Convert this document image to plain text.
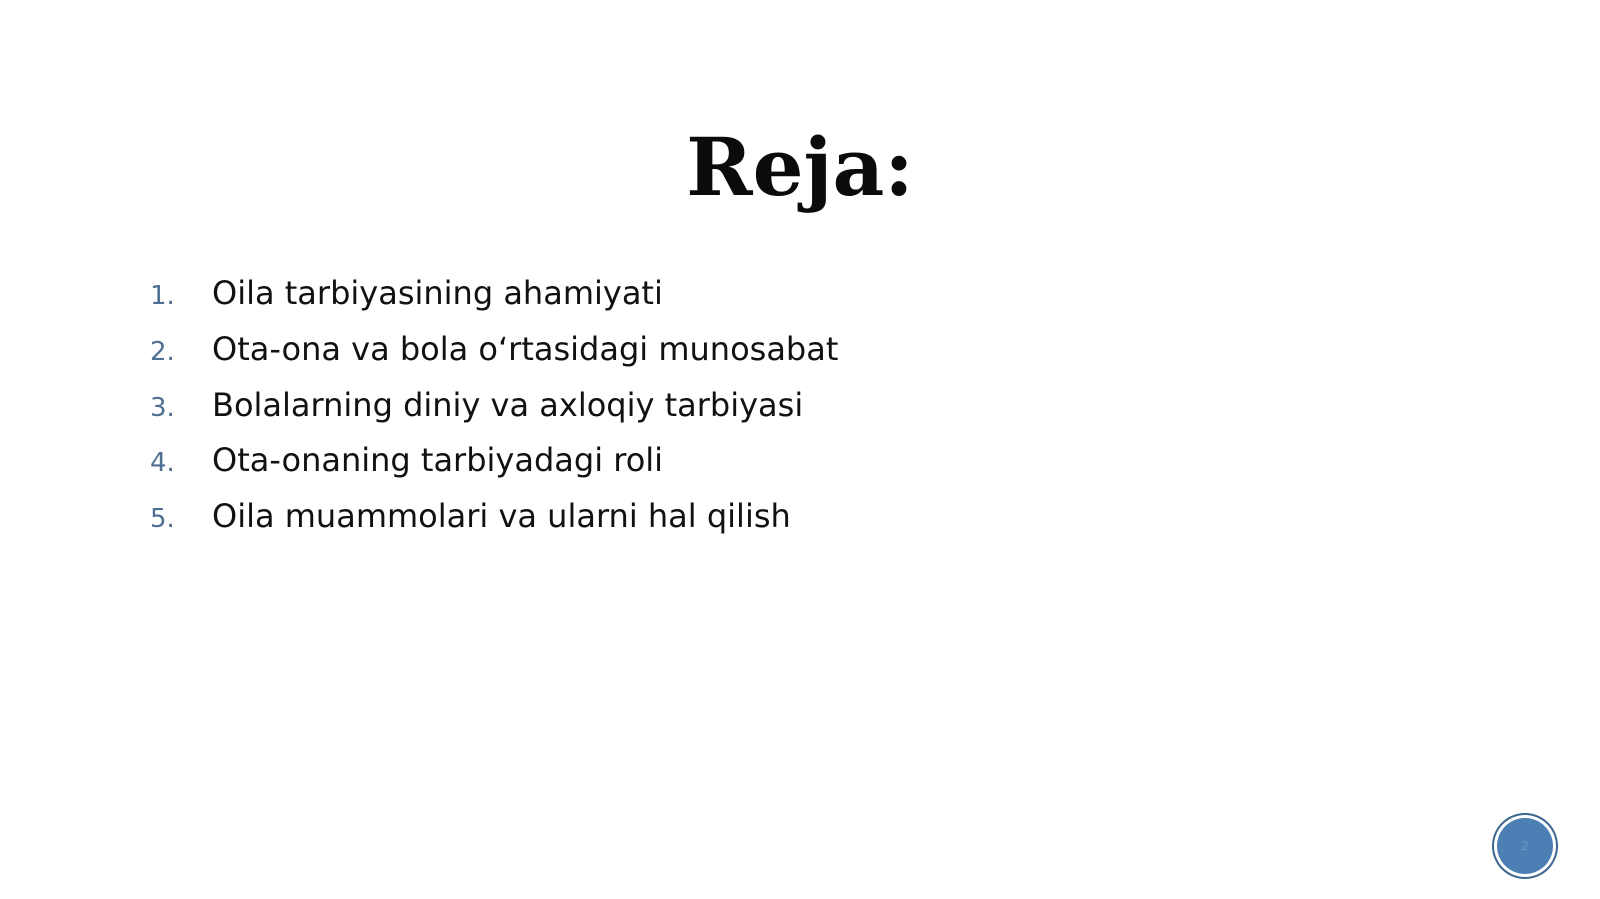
Reja:
1.	Oila tarbiyasining ahamiyati
2.	Ota-ona va bola o‘rtasidagi munosabat
3.	Bolalarning diniy va axloqiy tarbiyasi
4.	Ota-onaning tarbiyadagi roli
5.	Oila muammolari va ularni hal qilish
2
